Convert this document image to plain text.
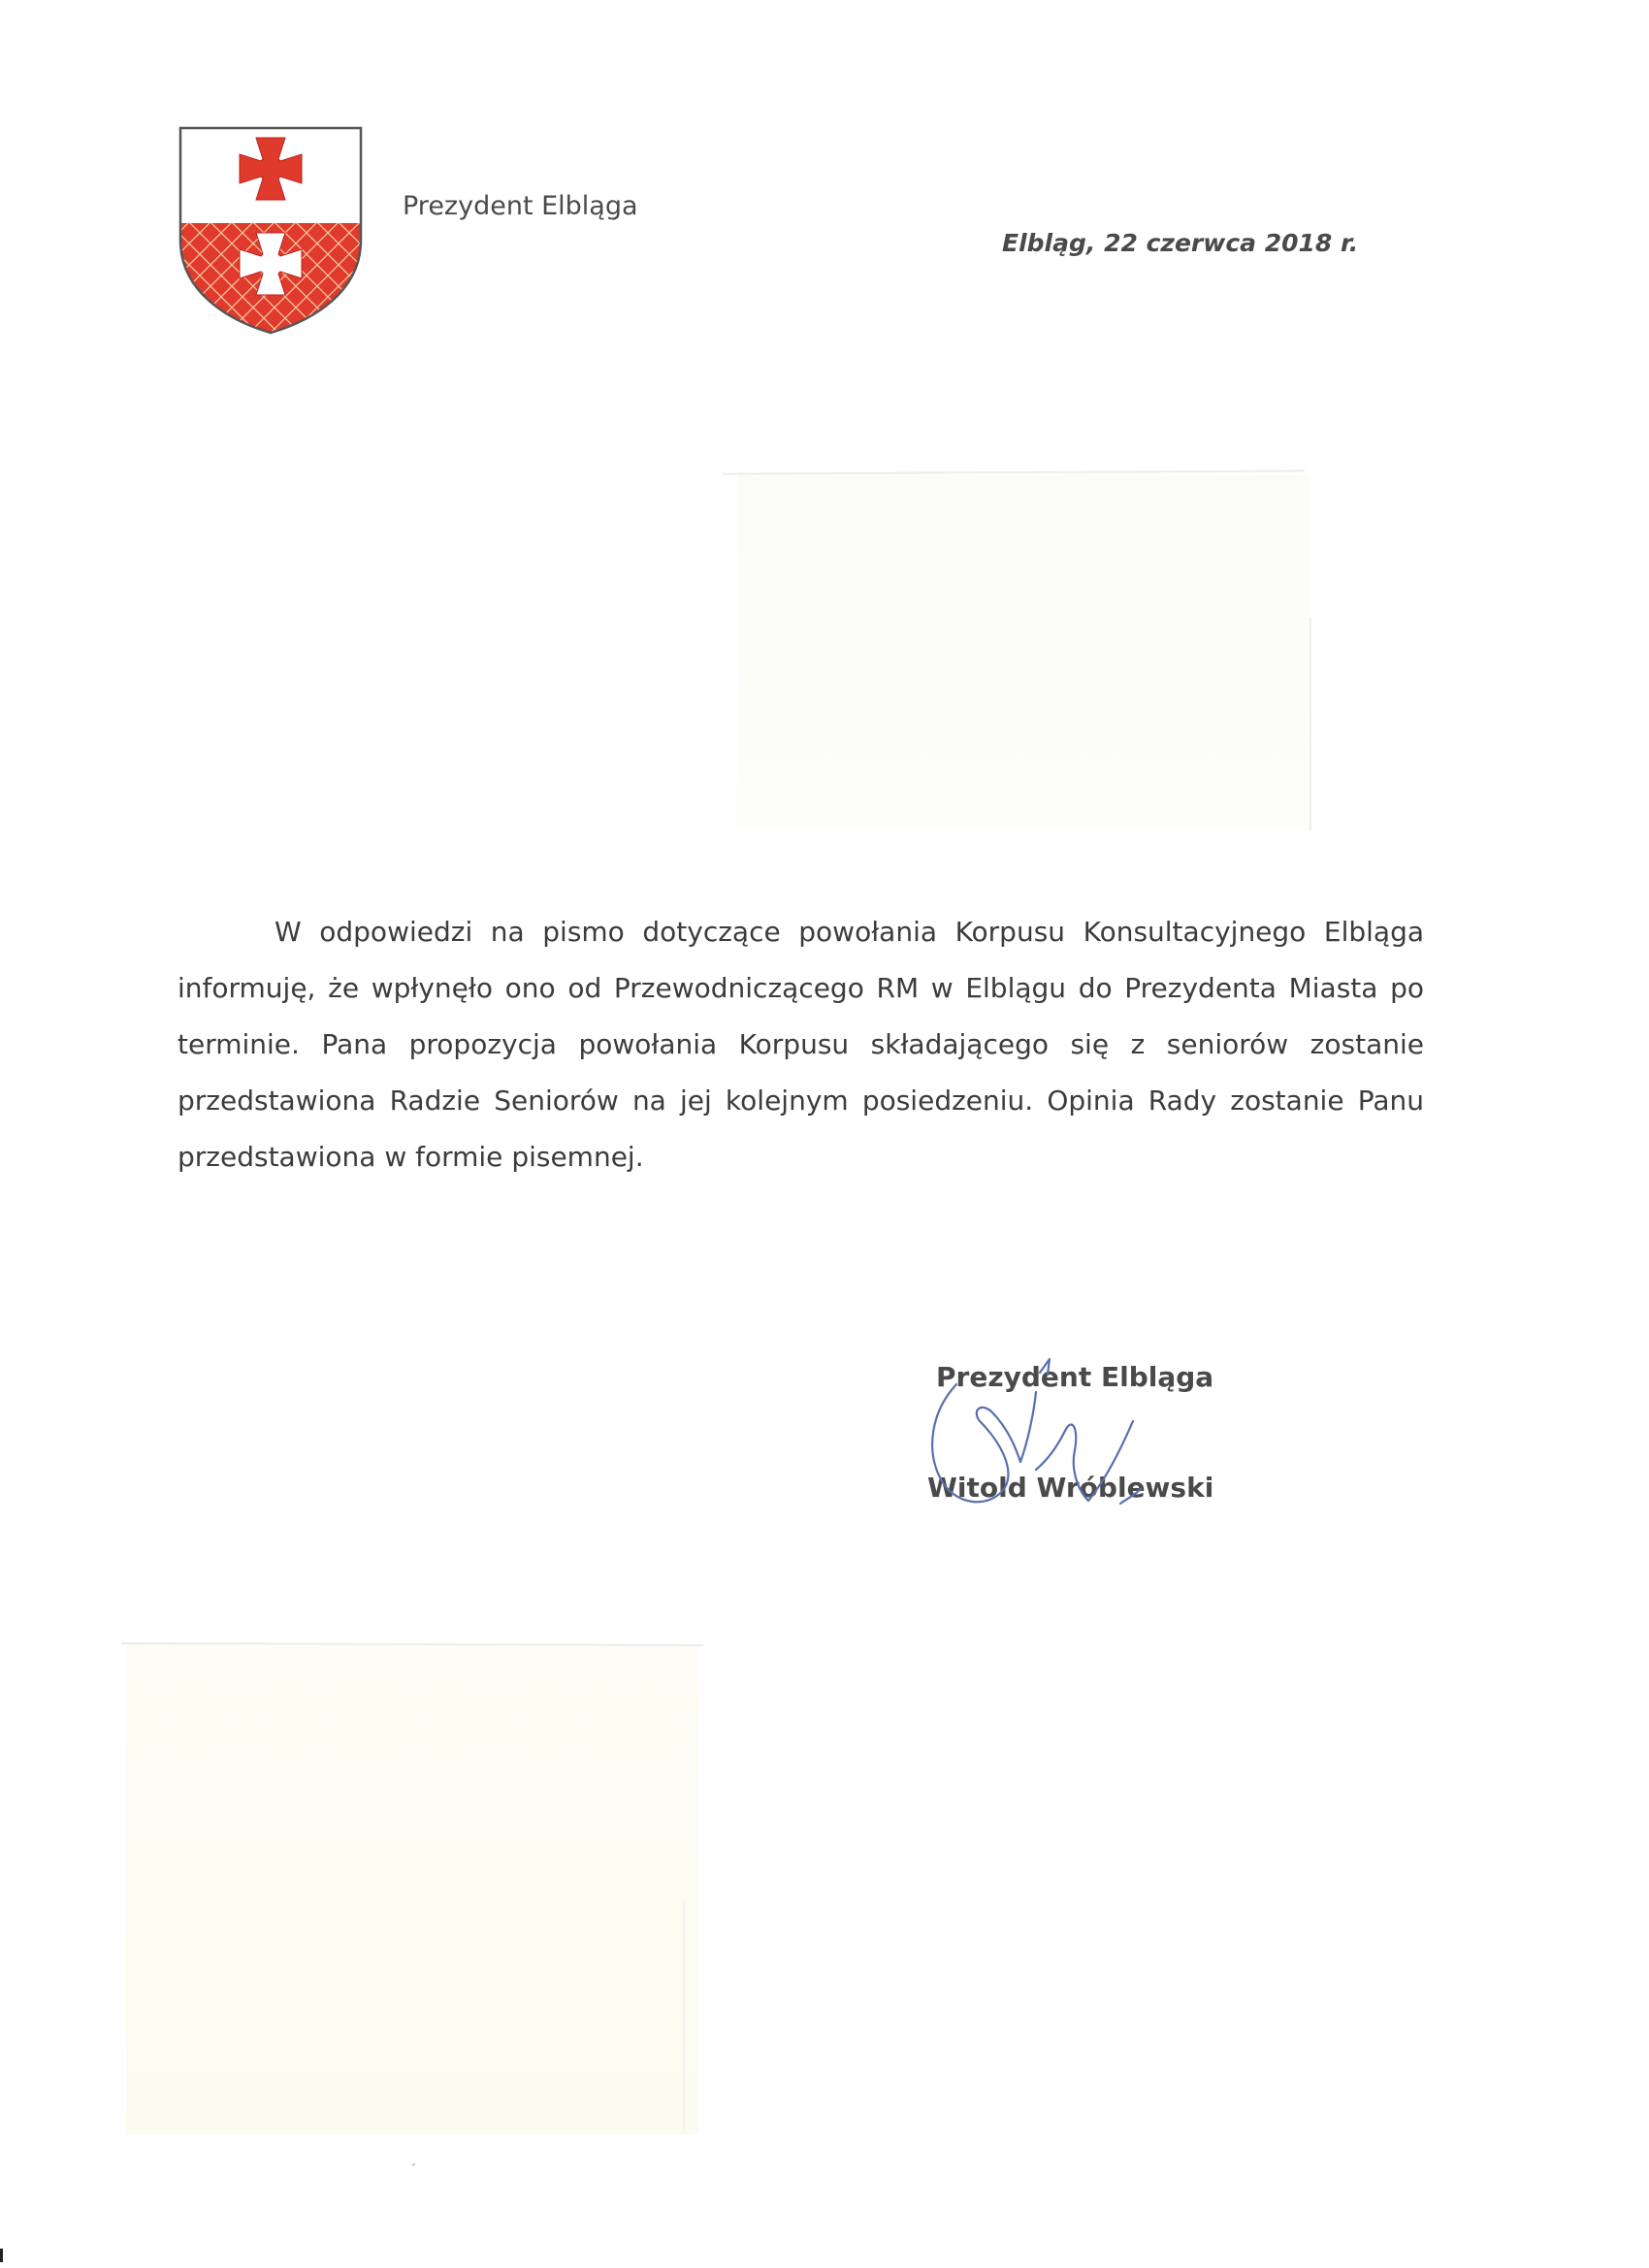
Prezydent Elbląga
Elbląg, 22 czerwca 2018 r.

W odpowiedzi na pismo dotyczące powołania Korpusu Konsultacyjnego Elbląga informuję, że wpłynęło ono od Przewodniczącego RM w Elblągu do Prezydenta Miasta po terminie. Pana propozycja powołania Korpusu składającego się z seniorów zostanie przedstawiona Radzie Seniorów na jej kolejnym posiedzeniu. Opinia Rady zostanie Panu przedstawiona w formie pisemnej.

Prezydent Elbląga
Witold Wróblewski
